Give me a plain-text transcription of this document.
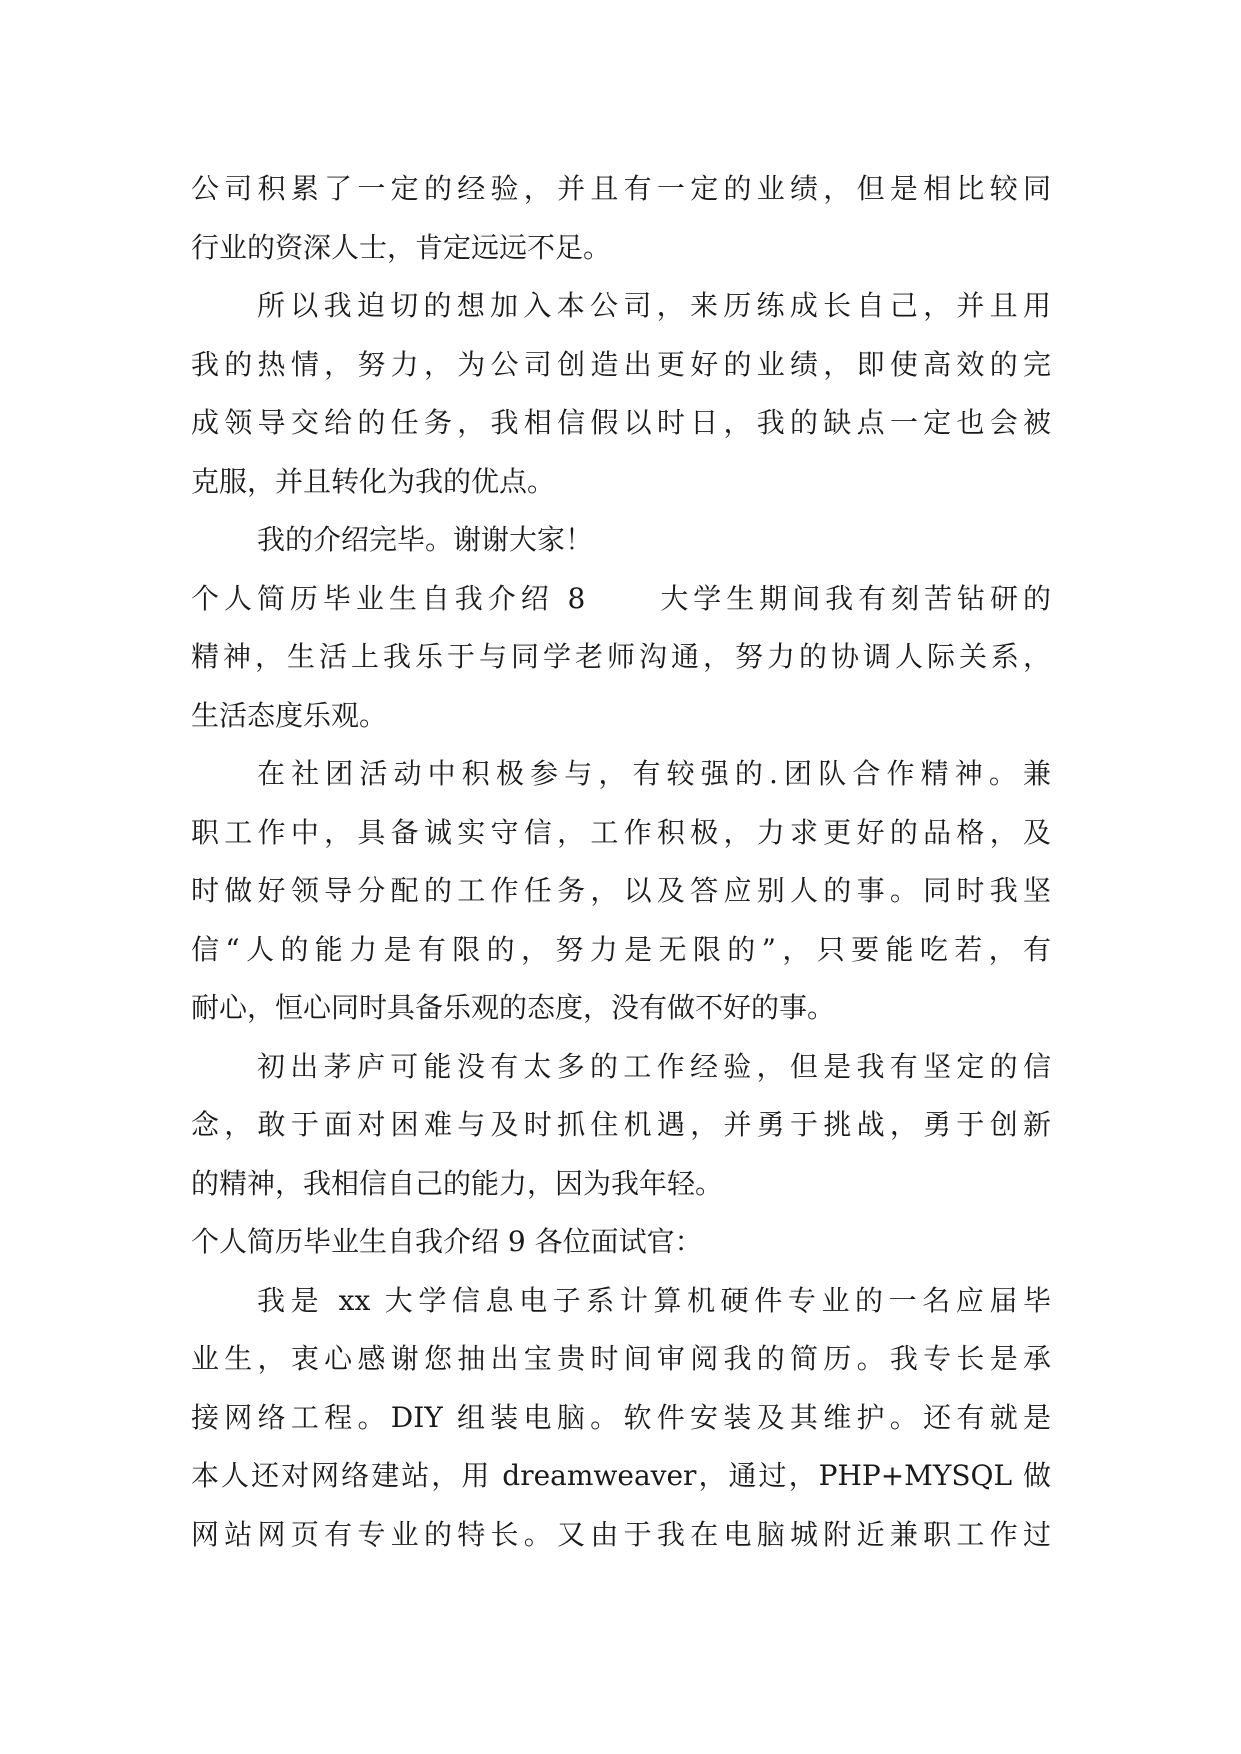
公司积累了一定的经验，并且有一定的业绩，但是相比较同
行业的资深人士，肯定远远不足。
所以我迫切的想加入本公司，来历练成长自己，并且用
我的热情，努力，为公司创造出更好的业绩，即使高效的完
成领导交给的任务，我相信假以时日，我的缺点一定也会被
克服，并且转化为我的优点。
我的介绍完毕。谢谢大家！
个人简历毕业生自我介绍 8	大学生期间我有刻苦钻研的
精神，生活上我乐于与同学老师沟通，努力的协调人际关系，
生活态度乐观。
在社团活动中积极参与，有较强的.团队合作精神。兼
职工作中，具备诚实守信，工作积极，力求更好的品格，及
时做好领导分配的工作任务，以及答应别人的事。同时我坚
信“人的能力是有限的，努力是无限的”，只要能吃若，有
耐心，恒心同时具备乐观的态度，没有做不好的事。
初出茅庐可能没有太多的工作经验，但是我有坚定的信
念，敢于面对困难与及时抓住机遇，并勇于挑战，勇于创新
的精神，我相信自己的能力，因为我年轻。
个人简历毕业生自我介绍 9 各位面试官：
我是 xx 大学信息电子系计算机硬件专业的一名应届毕
业生，衷心感谢您抽出宝贵时间审阅我的简历。我专长是承
接网络工程。DIY 组装电脑。软件安装及其维护。还有就是
本人还对网络建站，用 dreamweaver，通过，PHP+MYSQL 做
网站网页有专业的特长。又由于我在电脑城附近兼职工作过
